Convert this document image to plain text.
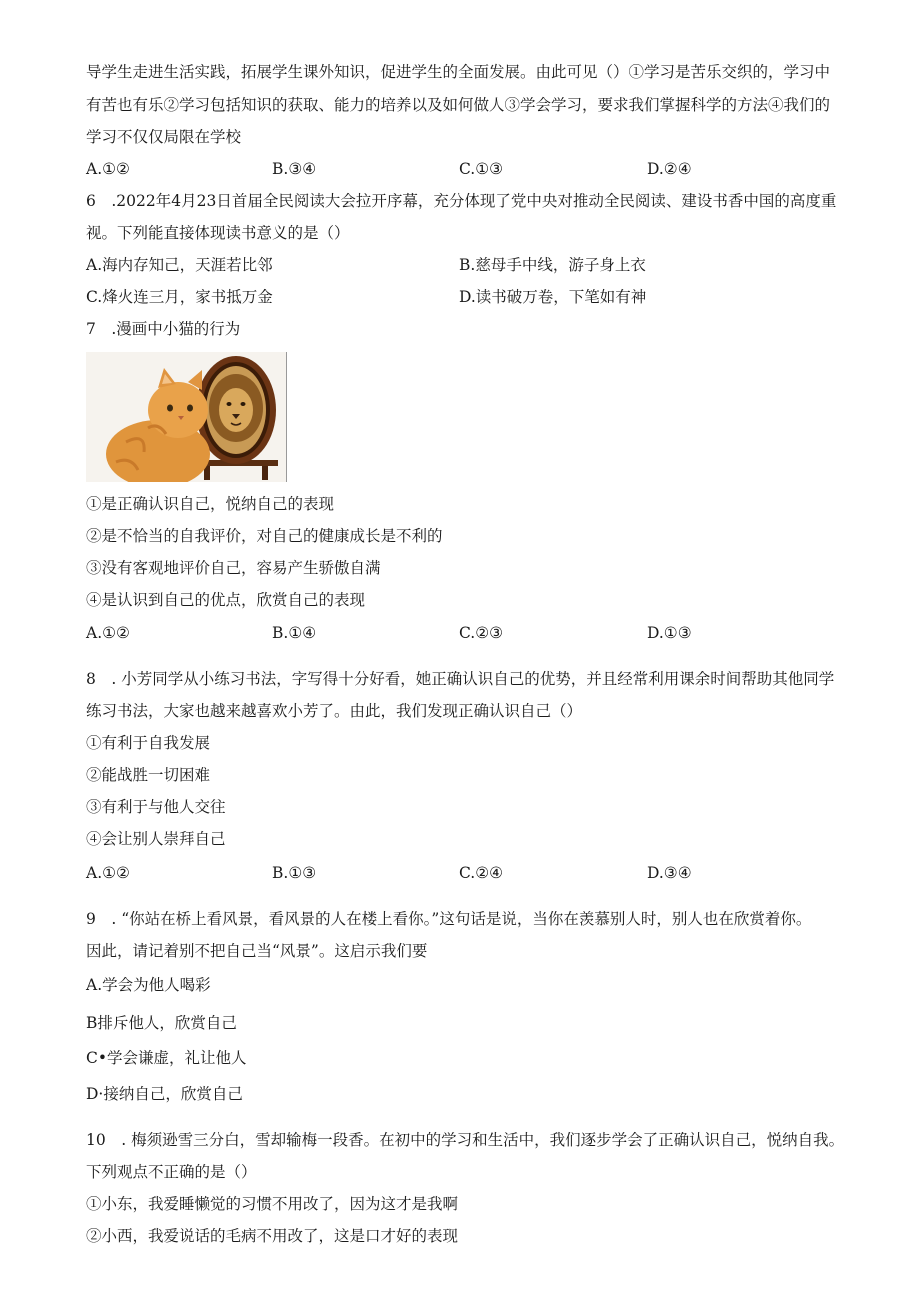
导学生走进生活实践，拓展学生课外知识，促进学生的全面发展。由此可见（）①学习是苦乐交织的，学习中
有苦也有乐②学习包括知识的获取、能力的培养以及如何做人③学会学习，要求我们掌握科学的方法④我们的
学习不仅仅局限在学校
A.①②	B.③④	C.①③	D.②④
6　.2022年4月23日首届全民阅读大会拉开序幕，充分体现了党中央对推动全民阅读、建设书香中国的高度重
视。下列能直接体现读书意义的是（）
A.海内存知己，天涯若比邻	B.慈母手中线，游子身上衣
C.烽火连三月，家书抵万金	D.读书破万卷，下笔如有神
7　.漫画中小猫的行为
①是正确认识自己，悦纳自己的表现
②是不恰当的自我评价，对自己的健康成长是不利的
③没有客观地评价自己，容易产生骄傲自满
④是认识到自己的优点，欣赏自己的表现
A.①②	B.①④	C.②③	D.①③
8　. 小芳同学从小练习书法，字写得十分好看，她正确认识自己的优势，并且经常利用课余时间帮助其他同学
练习书法，大家也越来越喜欢小芳了。由此，我们发现正确认识自己（）
①有利于自我发展
②能战胜一切困难
③有利于与他人交往
④会让别人崇拜自己
A.①②	B.①③	C.②④	D.③④
9　. “你站在桥上看风景，看风景的人在楼上看你。”这句话是说，当你在羡慕别人时，别人也在欣赏着你。
因此，请记着别不把自己当“风景”。这启示我们要
A.学会为他人喝彩
B排斥他人，欣赏自己
C•学会谦虚，礼让他人
D·接纳自己，欣赏自己
10　. 梅须逊雪三分白，雪却输梅一段香。在初中的学习和生活中，我们逐步学会了正确认识自己，悦纳自我。
下列观点不正确的是（）
①小东，我爱睡懒觉的习惯不用改了，因为这才是我啊
②小西，我爱说话的毛病不用改了，这是口才好的表现
